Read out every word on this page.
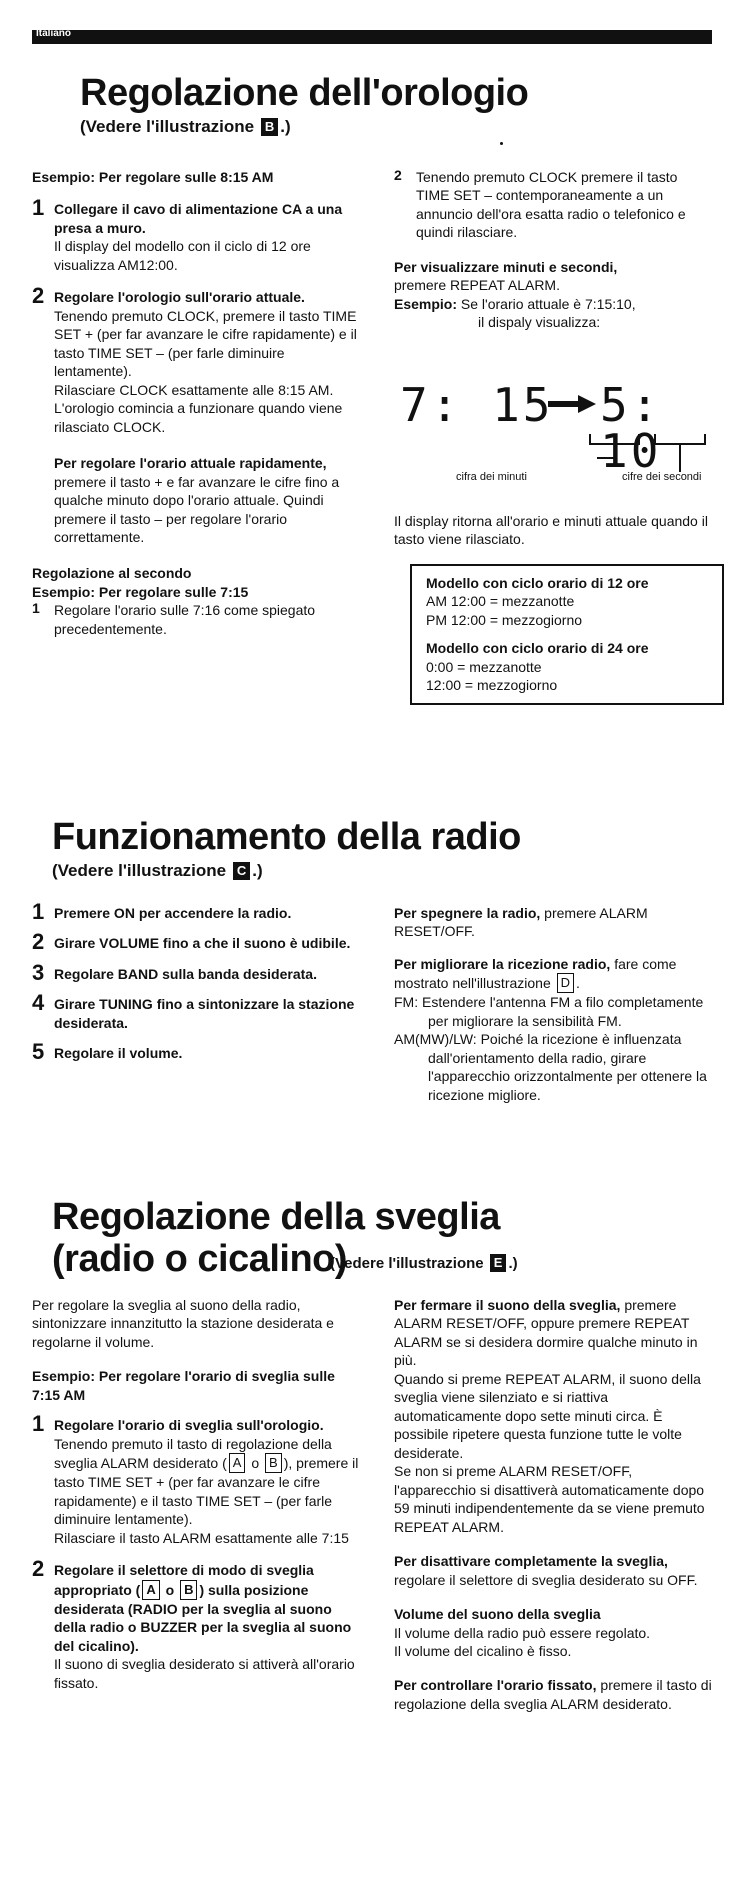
Italiano
Regolazione dell'orologio
(Vedere l'illustrazione B .)

Esempio: Per regolare sulle 8:15 AM

1 Collegare il cavo di alimentazione CA a una presa a muro.

Il display del modello con il ciclo di 12 ore visualizza AM12:00.

2 Regolare l'orologio sull'orario attuale.

Tenendo premuto CLOCK, premere il tasto TIME SET + (per far avanzare le cifre rapidamente) e il tasto TIME SET – (per farle diminuire lentamente).

Rilasciare CLOCK esattamente alle 8:15 AM. L'orologio comincia a funzionare quando viene rilasciato CLOCK.

Per regolare l'orario attuale rapidamente, premere il tasto + e far avanzare le cifre fino a qualche minuto dopo l'orario attuale. Quindi premere il tasto – per regolare l'orario correttamente.

Regolazione al secondo

Esempio: Per regolare sulle 7:15

1 Regolare l'orario sulle 7:16 come spiegato precedentemente.

2 Tenendo premuto CLOCK premere il tasto TIME SET – contemporaneamente a un annuncio dell'ora esatta radio o telefonico e quindi rilasciare.

Per visualizzare minuti e secondi,
premere REPEAT ALARM.

Esempio: Se l'orario attuale è 7:15:10,
il dispaly visualizza:

7: 15 5: 10
cifra dei minuti	cifre dei secondi

Il display ritorna all'orario e minuti attuale quando il tasto viene rilasciato.

Modello con ciclo orario di 12 ore

AM 12:00 = mezzanotte

PM 12:00 = mezzogiorno

Modello con ciclo orario di 24 ore

0:00 = mezzanotte

12:00 = mezzogiorno

Funzionamento della radio
(Vedere l'illustrazione C .)
1 Premere ON per accendere la radio.

2 Girare VOLUME fino a che il suono è udibile.

3 Regolare BAND sulla banda desiderata.

4 Girare TUNING fino a sintonizzare la stazione desiderata.

5 Regolare il volume.

Per spegnere la radio, premere ALARM RESET/OFF.

Per migliorare la ricezione radio, fare come mostrato nell'illustrazione D .

FM: Estendere l'antenna FM a filo completamente per migliorare la sensibilità FM.

AM(MW)/LW: Poiché la ricezione è influenzata dall'orientamento della radio, girare l'apparecchio orizzontalmente per ottenere la ricezione migliore.

Regolazione della sveglia
(radio o cicalino)
(Vedere l'illustrazione E .)

Per regolare la sveglia al suono della radio, sintonizzare innanzitutto la stazione desiderata e regolarne il volume.

Esempio: Per regolare l'orario di sveglia sulle 7:15 AM

1 Regolare l'orario di sveglia sull'orologio.

Tenendo premuto il tasto di regolazione della sveglia ALARM desiderato ( A o B ), premere il tasto TIME SET + (per far avanzare le cifre rapidamente) e il tasto TIME SET – (per farle diminuire lentamente).

Rilasciare il tasto ALARM esattamente alle 7:15

2 Regolare il selettore di modo di sveglia appropriato ( A o B ) sulla posizione desiderata (RADIO per la sveglia al suono della radio o BUZZER per la sveglia al suono del cicalino).

Il suono di sveglia desiderato si attiverà all'orario fissato.

Per fermare il suono della sveglia, premere ALARM RESET/OFF, oppure premere REPEAT ALARM se si desidera dormire qualche minuto in più.

Quando si preme REPEAT ALARM, il suono della sveglia viene silenziato e si riattiva automaticamente dopo sette minuti circa. È possibile ripetere questa funzione tutte le volte desiderate.

Se non si preme ALARM RESET/OFF, l'apparecchio si disattiverà automaticamente dopo 59 minuti indipendentemente da se viene premuto REPEAT ALARM.

Per disattivare completamente la sveglia, regolare il selettore di sveglia desiderato su OFF.

Volume del suono della sveglia

Il volume della radio può essere regolato.

Il volume del cicalino è fisso.

Per controllare l'orario fissato, premere il tasto di regolazione della sveglia ALARM desiderato.
